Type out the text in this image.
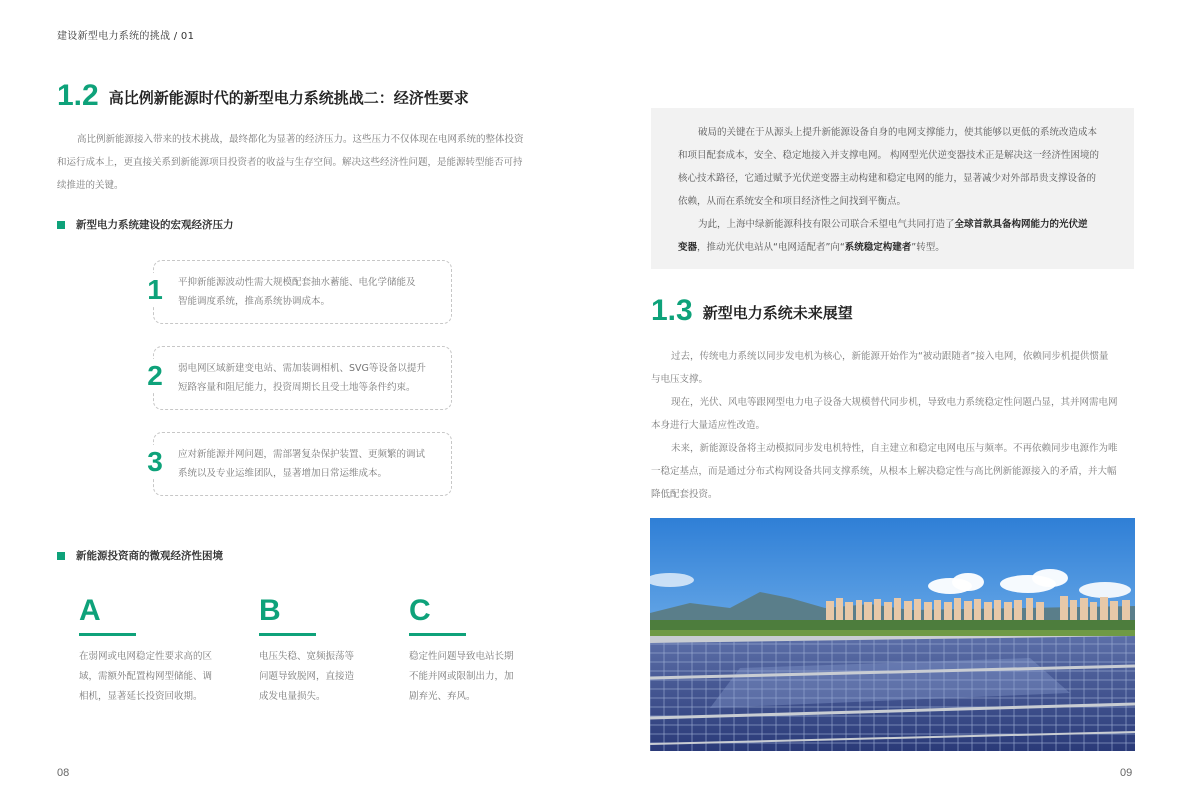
建设新型电力系统的挑战 / 01
1.2 高比例新能源时代的新型电力系统挑战二：经济性要求
高比例新能源接入带来的技术挑战，最终都化为显著的经济压力。这些压力不仅体现在电网系统的整体投资
和运行成本上，更直接关系到新能源项目投资者的收益与生存空间。解决这些经济性问题，是能源转型能否可持
续推进的关键。
新型电力系统建设的宏观经济压力
1	平抑新能源波动性需大规模配套抽水蓄能、电化学储能及
智能调度系统，推高系统协调成本。
2	弱电网区域新建变电站、需加装调相机、SVG等设备以提升
短路容量和阻尼能力，投资周期长且受土地等条件约束。
3	应对新能源并网问题，需部署复杂保护装置、更频繁的调试
系统以及专业运维团队，显著增加日常运维成本。
新能源投资商的微观经济性困境
A
在弱网或电网稳定性要求高的区
域，需额外配置构网型储能、调
相机，显著延长投资回收期。
B
电压失稳、宽频振荡等
问题导致脱网，直接造
成发电量损失。
C
稳定性问题导致电站长期
不能并网或限制出力，加
剧弃光、弃风。
08
破局的关键在于从源头上提升新能源设备自身的电网支撑能力，使其能够以更低的系统改造成本
和项目配套成本，安全、稳定地接入并支撑电网。 构网型光伏逆变器技术正是解决这一经济性困境的
核心技术路径，它通过赋予光伏逆变器主动构建和稳定电网的能力，显著减少对外部昂贵支撑设备的
依赖，从而在系统安全和项目经济性之间找到平衡点。
为此，上海中绿新能源科技有限公司联合禾望电气共同打造了全球首款具备构网能力的光伏逆
变器，推动光伏电站从“电网适配者”向“系统稳定构建者”转型。
1.3 新型电力系统未来展望
过去，传统电力系统以同步发电机为核心，新能源开始作为“被动跟随者”接入电网，依赖同步机提供惯量
与电压支撑。
现在，光伏、风电等跟网型电力电子设备大规模替代同步机，导致电力系统稳定性问题凸显，其并网需电网
本身进行大量适应性改造。
未来，新能源设备将主动模拟同步发电机特性，自主建立和稳定电网电压与频率。不再依赖同步电源作为唯
一稳定基点，而是通过分布式构网设备共同支撑系统，从根本上解决稳定性与高比例新能源接入的矛盾，并大幅
降低配套投资。
09
